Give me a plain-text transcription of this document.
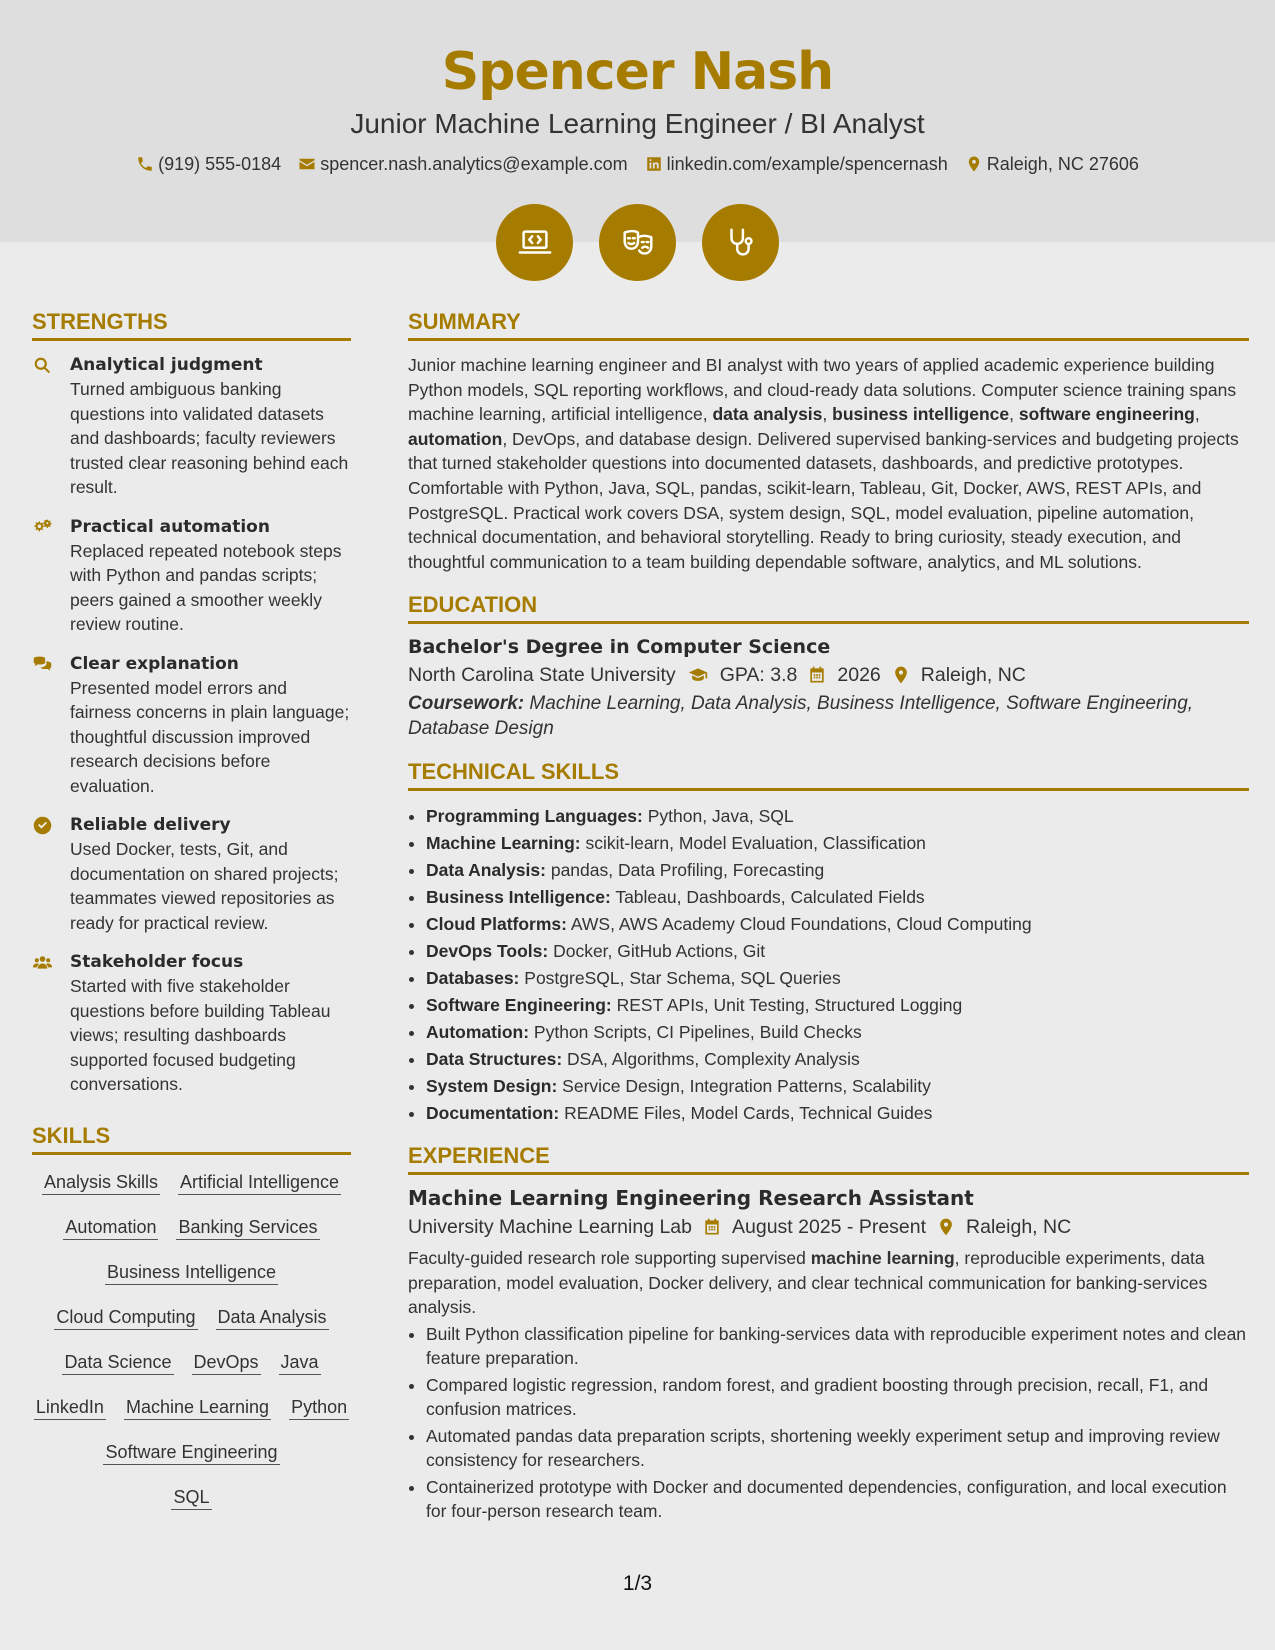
Spencer Nash
Junior Machine Learning Engineer / BI Analyst
(919) 555-0184 spencer.nash.analytics@example.com linkedin.com/example/spencernash Raleigh, NC 27606
STRENGTHS
Analytical judgment
Turned ambiguous banking questions into validated datasets and dashboards; faculty reviewers trusted clear reasoning behind each result.
Practical automation
Replaced repeated notebook steps with Python and pandas scripts; peers gained a smoother weekly review routine.
Clear explanation
Presented model errors and fairness concerns in plain language; thoughtful discussion improved research decisions before evaluation.
Reliable delivery
Used Docker, tests, Git, and documentation on shared projects; teammates viewed repositories as ready for practical review.
Stakeholder focus
Started with five stakeholder questions before building Tableau views; resulting dashboards supported focused budgeting conversations.
SKILLS
Analysis Skills Artificial Intelligence
Automation Banking Services
Business Intelligence
Cloud Computing Data Analysis
Data Science DevOps Java
LinkedIn Machine Learning Python
Software Engineering
SQL
SUMMARY

Junior machine learning engineer and BI analyst with two years of applied academic experience building Python models, SQL reporting workflows, and cloud-ready data solutions. Computer science training spans machine learning, artificial intelligence, data analysis, business intelligence, software engineering, automation, DevOps, and database design. Delivered supervised banking-services and budgeting projects that turned stakeholder questions into documented datasets, dashboards, and predictive prototypes. Comfortable with Python, Java, SQL, pandas, scikit-learn, Tableau, Git, Docker, AWS, REST APIs, and PostgreSQL. Practical work covers DSA, system design, SQL, model evaluation, pipeline automation, technical documentation, and behavioral storytelling. Ready to bring curiosity, steady execution, and thoughtful communication to a team building dependable software, analytics, and ML solutions.

EDUCATION
Bachelor's Degree in Computer Science
North Carolina State University GPA: 3.8 2026 Raleigh, NC
Coursework: Machine Learning, Data Analysis, Business Intelligence, Software Engineering, Database Design
TECHNICAL SKILLS
• Programming Languages: Python, Java, SQL
• Machine Learning: scikit-learn, Model Evaluation, Classification
• Data Analysis: pandas, Data Profiling, Forecasting
• Business Intelligence: Tableau, Dashboards, Calculated Fields
• Cloud Platforms: AWS, AWS Academy Cloud Foundations, Cloud Computing
• DevOps Tools: Docker, GitHub Actions, Git
• Databases: PostgreSQL, Star Schema, SQL Queries
• Software Engineering: REST APIs, Unit Testing, Structured Logging
• Automation: Python Scripts, CI Pipelines, Build Checks
• Data Structures: DSA, Algorithms, Complexity Analysis
• System Design: Service Design, Integration Patterns, Scalability
• Documentation: README Files, Model Cards, Technical Guides
EXPERIENCE
Machine Learning Engineering Research Assistant
University Machine Learning Lab August 2025 - Present Raleigh, NC
Faculty-guided research role supporting supervised machine learning, reproducible experiments, data preparation, model evaluation, Docker delivery, and clear technical communication for banking-services analysis.
• Built Python classification pipeline for banking-services data with reproducible experiment notes and clean feature preparation.
• Compared logistic regression, random forest, and gradient boosting through precision, recall, F1, and confusion matrices.
• Automated pandas data preparation scripts, shortening weekly experiment setup and improving review consistency for researchers.
• Containerized prototype with Docker and documented dependencies, configuration, and local execution for four-person research team.
1/3
